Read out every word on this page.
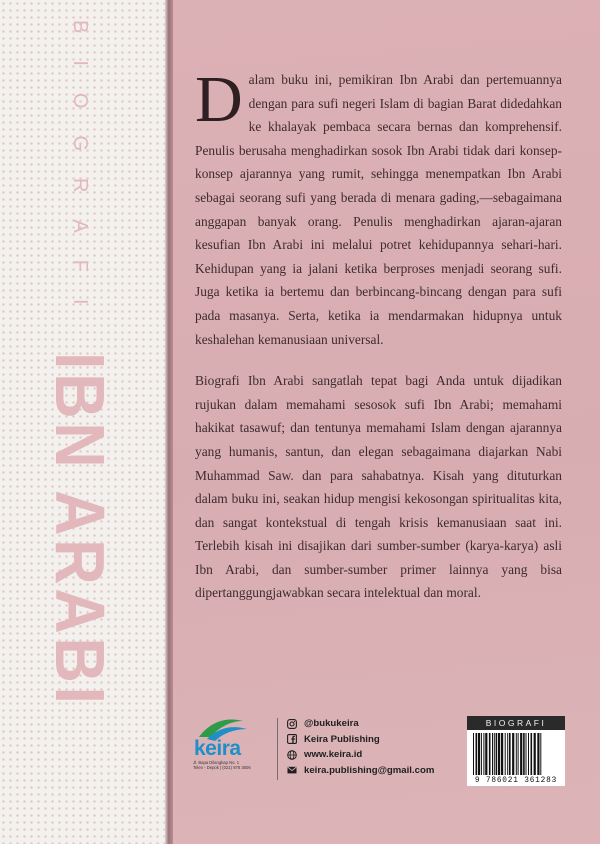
BIOGRAFI IBN ARABI

Dalam buku ini, pemikiran Ibn Arabi dan pertemuannya dengan para sufi negeri Islam di bagian Barat didedahkan ke khalayak pembaca secara bernas dan komprehensif. Penulis berusaha menghadirkan sosok Ibn Arabi tidak dari konsep-konsep ajarannya yang rumit, sehingga menempatkan Ibn Arabi sebagai seorang sufi yang berada di menara gading,—sebagaimana anggapan banyak orang. Penulis menghadirkan ajaran-ajaran kesufian Ibn Arabi ini melalui potret kehidupannya sehari-hari. Kehidupan yang ia jalani ketika berproses menjadi seorang sufi. Juga ketika ia bertemu dan berbincang-bincang dengan para sufi pada masanya. Serta, ketika ia mendarmakan hidupnya untuk keshalehan kemanusiaan universal.

Biografi Ibn Arabi sangatlah tepat bagi Anda untuk dijadikan rujukan dalam memahami sesosok sufi Ibn Arabi; memahami hakikat tasawuf; dan tentunya memahami Islam dengan ajarannya yang humanis, santun, dan elegan sebagaimana diajarkan Nabi Muhammad Saw. dan para sahabatnya. Kisah yang dituturkan dalam buku ini, seakan hidup mengisi kekosongan spiritualitas kita, dan sangat kontekstual di tengah krisis kemanusiaan saat ini. Terlebih kisah ini disajikan dari sumber-sumber (karya-karya) asli Ibn Arabi, dan sumber-sumber primer lainnya yang bisa dipertanggungjawabkan secara intelektual dan moral.

keira
Jl. Bapa Dilangkap No. 1
Telen - Depok | (021) 876 3606
@bukukeira
Keira Publishing
www.keira.id
keira.publishing@gmail.com
BIOGRAFI
9 786021 361283
